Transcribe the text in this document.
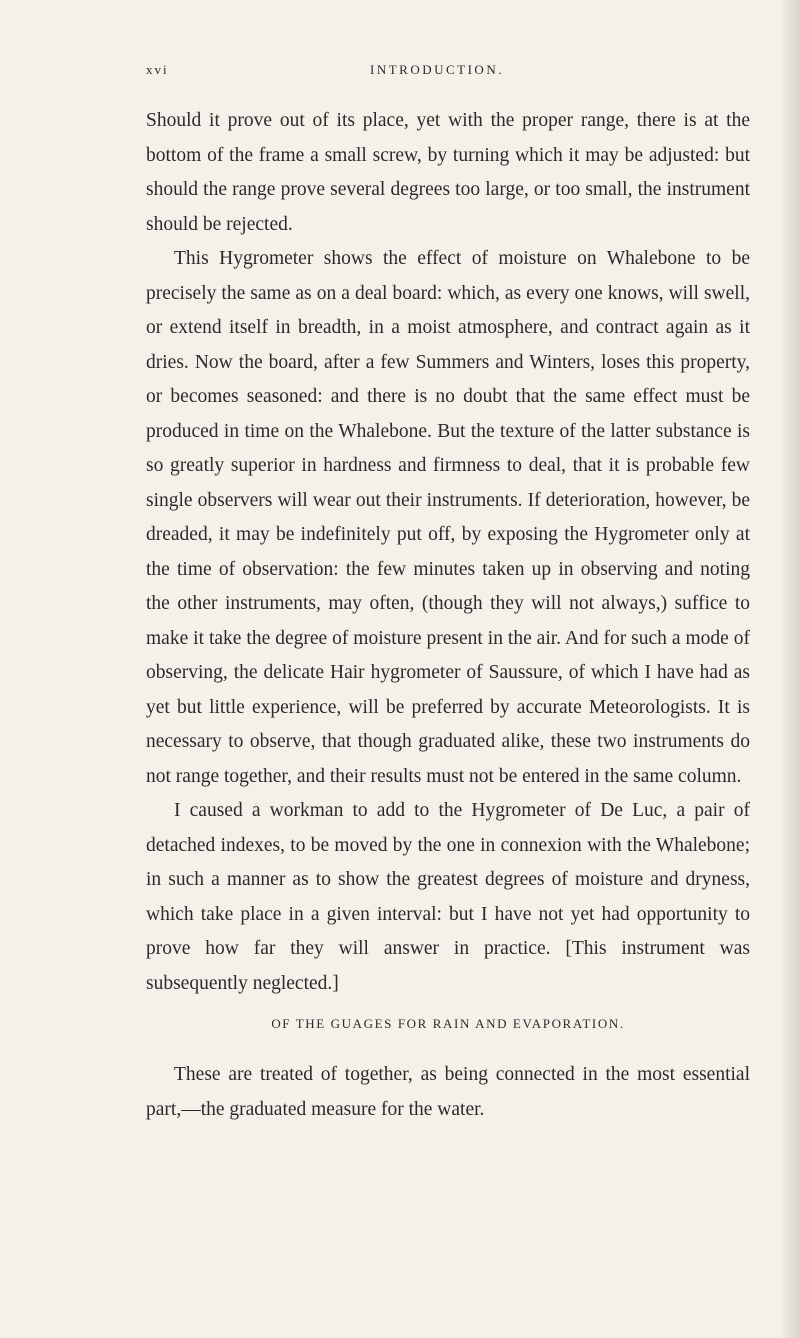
xvi	INTRODUCTION.

Should it prove out of its place, yet with the proper range, there is at the bottom of the frame a small screw, by turning which it may be adjusted: but should the range prove several degrees too large, or too small, the instrument should be rejected.

This Hygrometer shows the effect of moisture on Whalebone to be precisely the same as on a deal board: which, as every one knows, will swell, or extend itself in breadth, in a moist atmosphere, and contract again as it dries. Now the board, after a few Summers and Winters, loses this property, or becomes seasoned: and there is no doubt that the same effect must be produced in time on the Whalebone. But the texture of the latter substance is so greatly superior in hardness and firmness to deal, that it is probable few single observers will wear out their instruments. If deterioration, however, be dreaded, it may be indefinitely put off, by exposing the Hygrometer only at the time of observation: the few minutes taken up in observing and noting the other instruments, may often, (though they will not always,) suffice to make it take the degree of moisture present in the air. And for such a mode of observing, the delicate Hair hygrometer of Saussure, of which I have had as yet but little experience, will be preferred by accurate Meteorologists. It is necessary to observe, that though graduated alike, these two instruments do not range together, and their results must not be entered in the same column.

I caused a workman to add to the Hygrometer of De Luc, a pair of detached indexes, to be moved by the one in connexion with the Whalebone; in such a manner as to show the greatest degrees of moisture and dryness, which take place in a given interval: but I have not yet had opportunity to prove how far they will answer in practice. [This instrument was subsequently neglected.]

OF THE GUAGES FOR RAIN AND EVAPORATION.

These are treated of together, as being connected in the most essential part,—the graduated measure for the water.
